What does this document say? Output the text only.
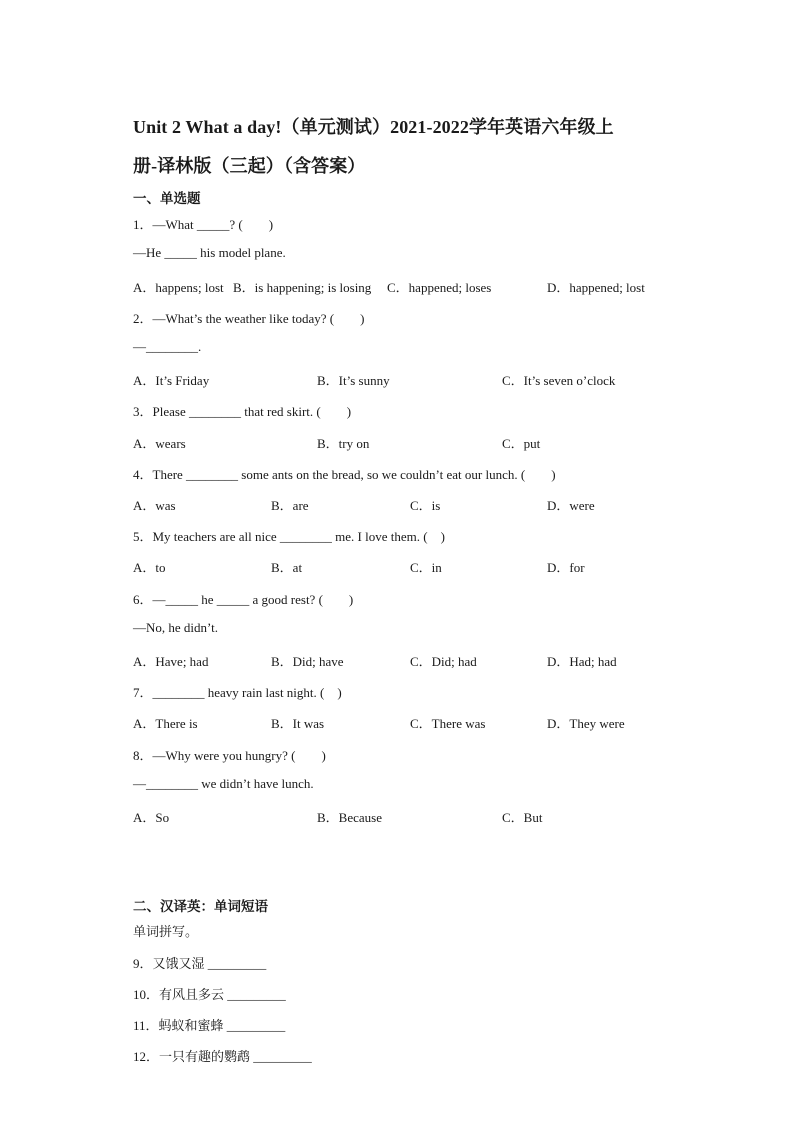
Unit 2 What a day!（单元测试）2021-2022学年英语六年级上
册-译林版（三起）（含答案）
一、单选题
1．—What _____? (　　)
—He _____ his model plane.
A．happens; lost B．is happening; is losing C．happened; loses	D．happened; lost
2．—What’s the weather like today? (　　)
—________.
A．It’s Friday	B．It’s sunny	C．It’s seven o’clock
3．Please ________ that red skirt. (　　)
A．wears	B．try on	C．put
4．There ________ some ants on the bread, so we couldn’t eat our lunch. (　　)
A．was	B．are	C．is	D．were
5．My teachers are all nice ________ me. I love them. (　)
A．to	B．at	C．in	D．for
6．—_____ he _____ a good rest? (　　)
—No, he didn’t.
A．Have; had	B．Did; have	C．Did; had	D．Had; had
7．________ heavy rain last night. (　)
A．There is	B．It was	C．There was	D．They were
8．—Why were you hungry? (　　)
—________ we didn’t have lunch.
A．So	B．Because	C．But
二、汉译英：单词短语
单词拼写。
9．又饿又湿 _________
10．有风且多云 _________
11．蚂蚁和蜜蜂 _________
12．一只有趣的鹦鹉 _________
